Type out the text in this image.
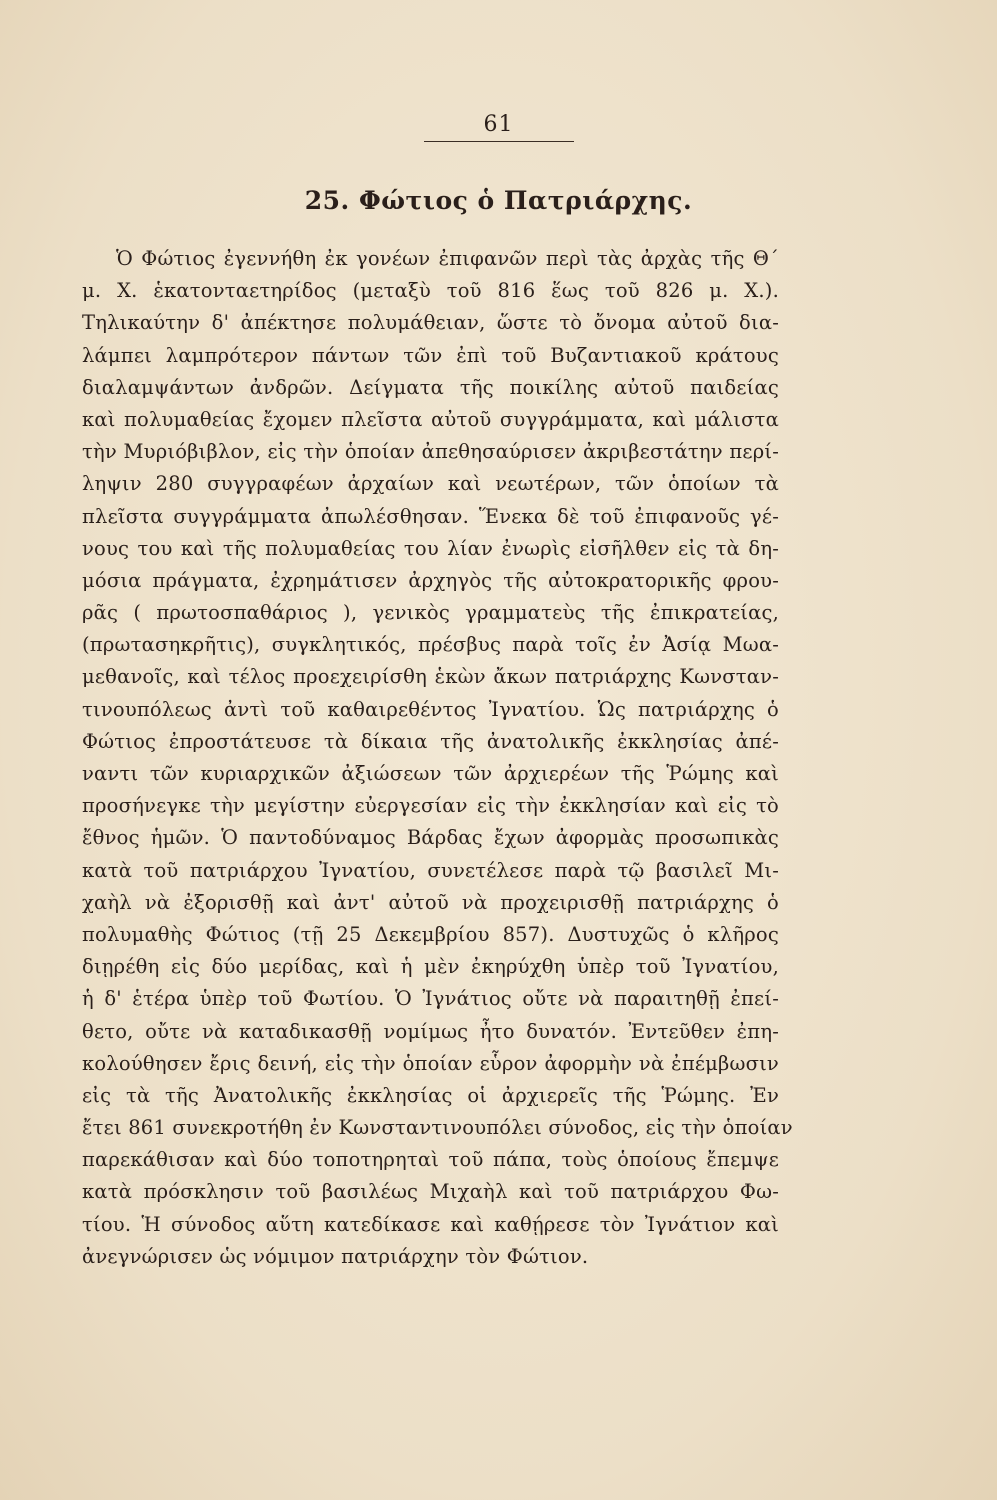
61
25. Φώτιος ὁ Πατριάρχης.
Ὁ Φώτιος ἐγεννήθη ἐκ γονέων ἐπιφανῶν περὶ τὰς ἀρχὰς τῆς Θ΄
μ. Χ. ἑκατονταετηρίδος (μεταξὺ τοῦ 816 ἕως τοῦ 826 μ. Χ.).
Τηλικαύτην δ' ἀπέκτησε πολυμάθειαν, ὥστε τὸ ὄνομα αὐτοῦ δια-
λάμπει λαμπρότερον πάντων τῶν ἐπὶ τοῦ Βυζαντιακοῦ κράτους
διαλαμψάντων ἀνδρῶν. Δείγματα τῆς ποικίλης αὐτοῦ παιδείας
καὶ πολυμαθείας ἔχομεν πλεῖστα αὐτοῦ συγγράμματα, καὶ μάλιστα
τὴν Μυριόβιβλον, εἰς τὴν ὁποίαν ἀπεθησαύρισεν ἀκριβεστάτην περί-
ληψιν 280 συγγραφέων ἀρχαίων καὶ νεωτέρων, τῶν ὁποίων τὰ
πλεῖστα συγγράμματα ἀπωλέσθησαν. Ἕνεκα δὲ τοῦ ἐπιφανοῦς γέ-
νους του καὶ τῆς πολυμαθείας του λίαν ἐνωρὶς εἰσῆλθεν εἰς τὰ δη-
μόσια πράγματα, ἐχρημάτισεν ἀρχηγὸς τῆς αὐτοκρατορικῆς φρου-
ρᾶς ( πρωτοσπαθάριος ), γενικὸς γραμματεὺς τῆς ἐπικρατείας,
(πρωτασηκρῆτις), συγκλητικός, πρέσβυς παρὰ τοῖς ἐν Ἀσίᾳ Μωα-
μεθανοῖς, καὶ τέλος προεχειρίσθη ἑκὼν ἄκων πατριάρχης Κωνσταν-
τινουπόλεως ἀντὶ τοῦ καθαιρεθέντος Ἰγνατίου. Ὡς πατριάρχης ὁ
Φώτιος ἐπροστάτευσε τὰ δίκαια τῆς ἀνατολικῆς ἐκκλησίας ἀπέ-
ναντι τῶν κυριαρχικῶν ἀξιώσεων τῶν ἀρχιερέων τῆς Ῥώμης καὶ
προσήνεγκε τὴν μεγίστην εὐεργεσίαν εἰς τὴν ἐκκλησίαν καὶ εἰς τὸ
ἔθνος ἡμῶν. Ὁ παντοδύναμος Βάρδας ἔχων ἀφορμὰς προσωπικὰς
κατὰ τοῦ πατριάρχου Ἰγνατίου, συνετέλεσε παρὰ τῷ βασιλεῖ Μι-
χαὴλ νὰ ἐξορισθῇ καὶ ἀντ' αὐτοῦ νὰ προχειρισθῇ πατριάρχης ὁ
πολυμαθὴς Φώτιος (τῇ 25 Δεκεμβρίου 857). Δυστυχῶς ὁ κλῆρος
διῃρέθη εἰς δύο μερίδας, καὶ ἡ μὲν ἐκηρύχθη ὑπὲρ τοῦ Ἰγνατίου,
ἡ δ' ἑτέρα ὑπὲρ τοῦ Φωτίου. Ὁ Ἰγνάτιος οὔτε νὰ παραιτηθῇ ἐπεί-
θετο, οὔτε νὰ καταδικασθῇ νομίμως ἦτο δυνατόν. Ἐντεῦθεν ἐπη-
κολούθησεν ἔρις δεινή, εἰς τὴν ὁποίαν εὗρον ἀφορμὴν νὰ ἐπέμβωσιν
εἰς τὰ τῆς Ἀνατολικῆς ἐκκλησίας οἱ ἀρχιερεῖς τῆς Ῥώμης. Ἐν
ἔτει 861 συνεκροτήθη ἐν Κωνσταντινουπόλει σύνοδος, εἰς τὴν ὁποίαν
παρεκάθισαν καὶ δύο τοποτηρηταὶ τοῦ πάπα, τοὺς ὁποίους ἔπεμψε
κατὰ πρόσκλησιν τοῦ βασιλέως Μιχαὴλ καὶ τοῦ πατριάρχου Φω-
τίου. Ἡ σύνοδος αὕτη κατεδίκασε καὶ καθῄρεσε τὸν Ἰγνάτιον καὶ
ἀνεγνώρισεν ὡς νόμιμον πατριάρχην τὸν Φώτιον.
